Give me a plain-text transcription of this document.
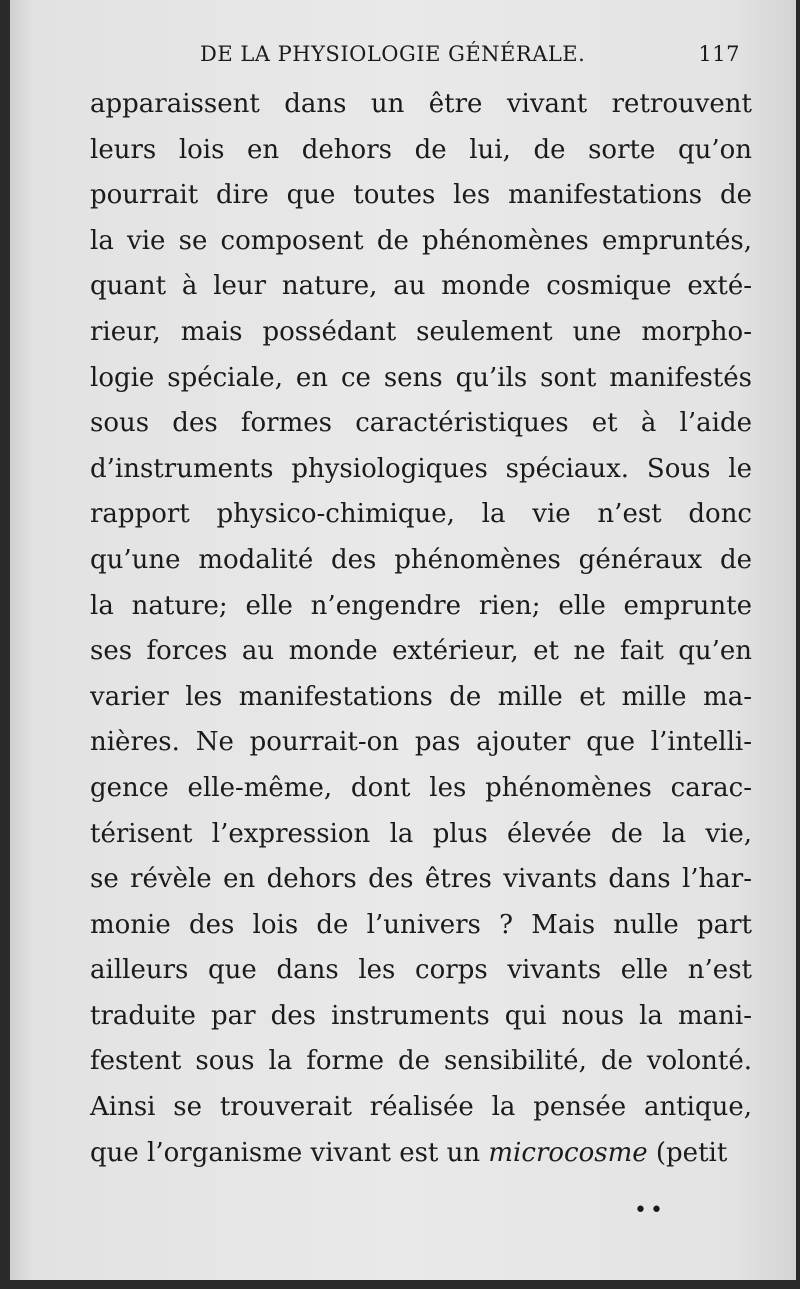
DE LA PHYSIOLOGIE GÉNÉRALE.	117
apparaissent dans un être vivant retrouvent
leurs lois en dehors de lui, de sorte qu’on
pourrait dire que toutes les manifestations de
la vie se composent de phénomènes empruntés,
quant à leur nature, au monde cosmique exté-
rieur, mais possédant seulement une morpho-
logie spéciale, en ce sens qu’ils sont manifestés
sous des formes caractéristiques et à l’aide
d’instruments physiologiques spéciaux. Sous le
rapport physico-chimique, la vie n’est donc
qu’une modalité des phénomènes généraux de
la nature; elle n’engendre rien; elle emprunte
ses forces au monde extérieur, et ne fait qu’en
varier les manifestations de mille et mille ma-
nières. Ne pourrait-on pas ajouter que l’intelli-
gence elle-même, dont les phénomènes carac-
térisent l’expression la plus élevée de la vie,
se révèle en dehors des êtres vivants dans l’har-
monie des lois de l’univers ? Mais nulle part
ailleurs que dans les corps vivants elle n’est
traduite par des instruments qui nous la mani-
festent sous la forme de sensibilité, de volonté.
Ainsi se trouverait réalisée la pensée antique,
que l’organisme vivant est un microcosme (petit
••
